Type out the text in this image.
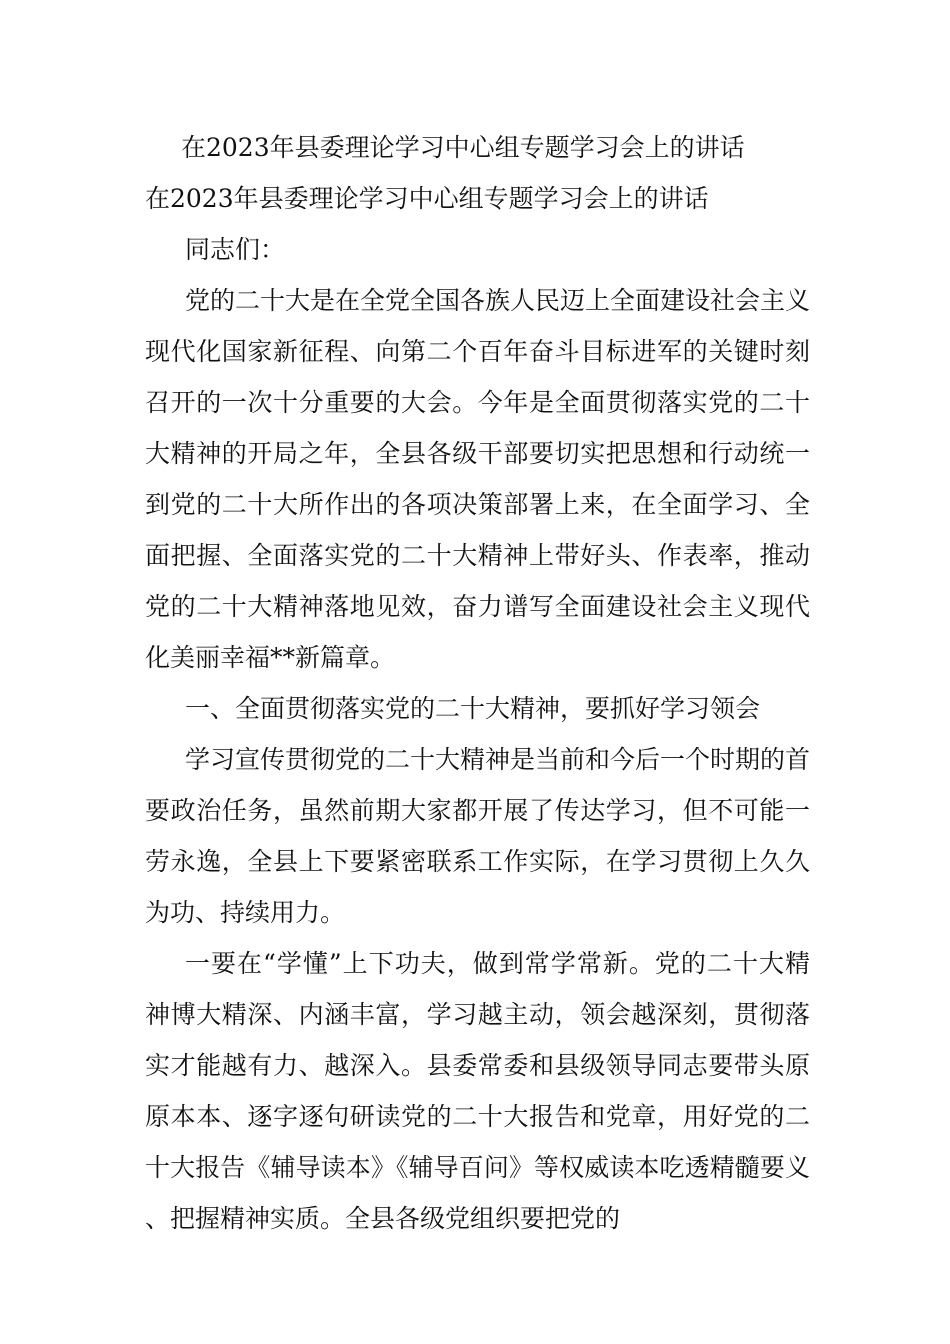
在2023年县委理论学习中心组专题学习会上的讲话

在2023年县委理论学习中心组专题学习会上的讲话

同志们：

党的二十大是在全党全国各族人民迈上全面建设社会主义现代化国家新征程、向第二个百年奋斗目标进军的关键时刻召开的一次十分重要的大会。今年是全面贯彻落实党的二十大精神的开局之年，全县各级干部要切实把思想和行动统一到党的二十大所作出的各项决策部署上来，在全面学习、全面把握、全面落实党的二十大精神上带好头、作表率，推动党的二十大精神落地见效，奋力谱写全面建设社会主义现代化美丽幸福**新篇章。

一、全面贯彻落实党的二十大精神，要抓好学习领会

学习宣传贯彻党的二十大精神是当前和今后一个时期的首要政治任务，虽然前期大家都开展了传达学习，但不可能一劳永逸，全县上下要紧密联系工作实际，在学习贯彻上久久为功、持续用力。

一要在“学懂”上下功夫，做到常学常新。党的二十大精神博大精深、内涵丰富，学习越主动，领会越深刻，贯彻落实才能越有力、越深入。县委常委和县级领导同志要带头原原本本、逐字逐句研读党的二十大报告和党章，用好党的二十大报告《辅导读本》《辅导百问》等权威读本吃透精髓要义、把握精神实质。全县各级党组织要把党的
